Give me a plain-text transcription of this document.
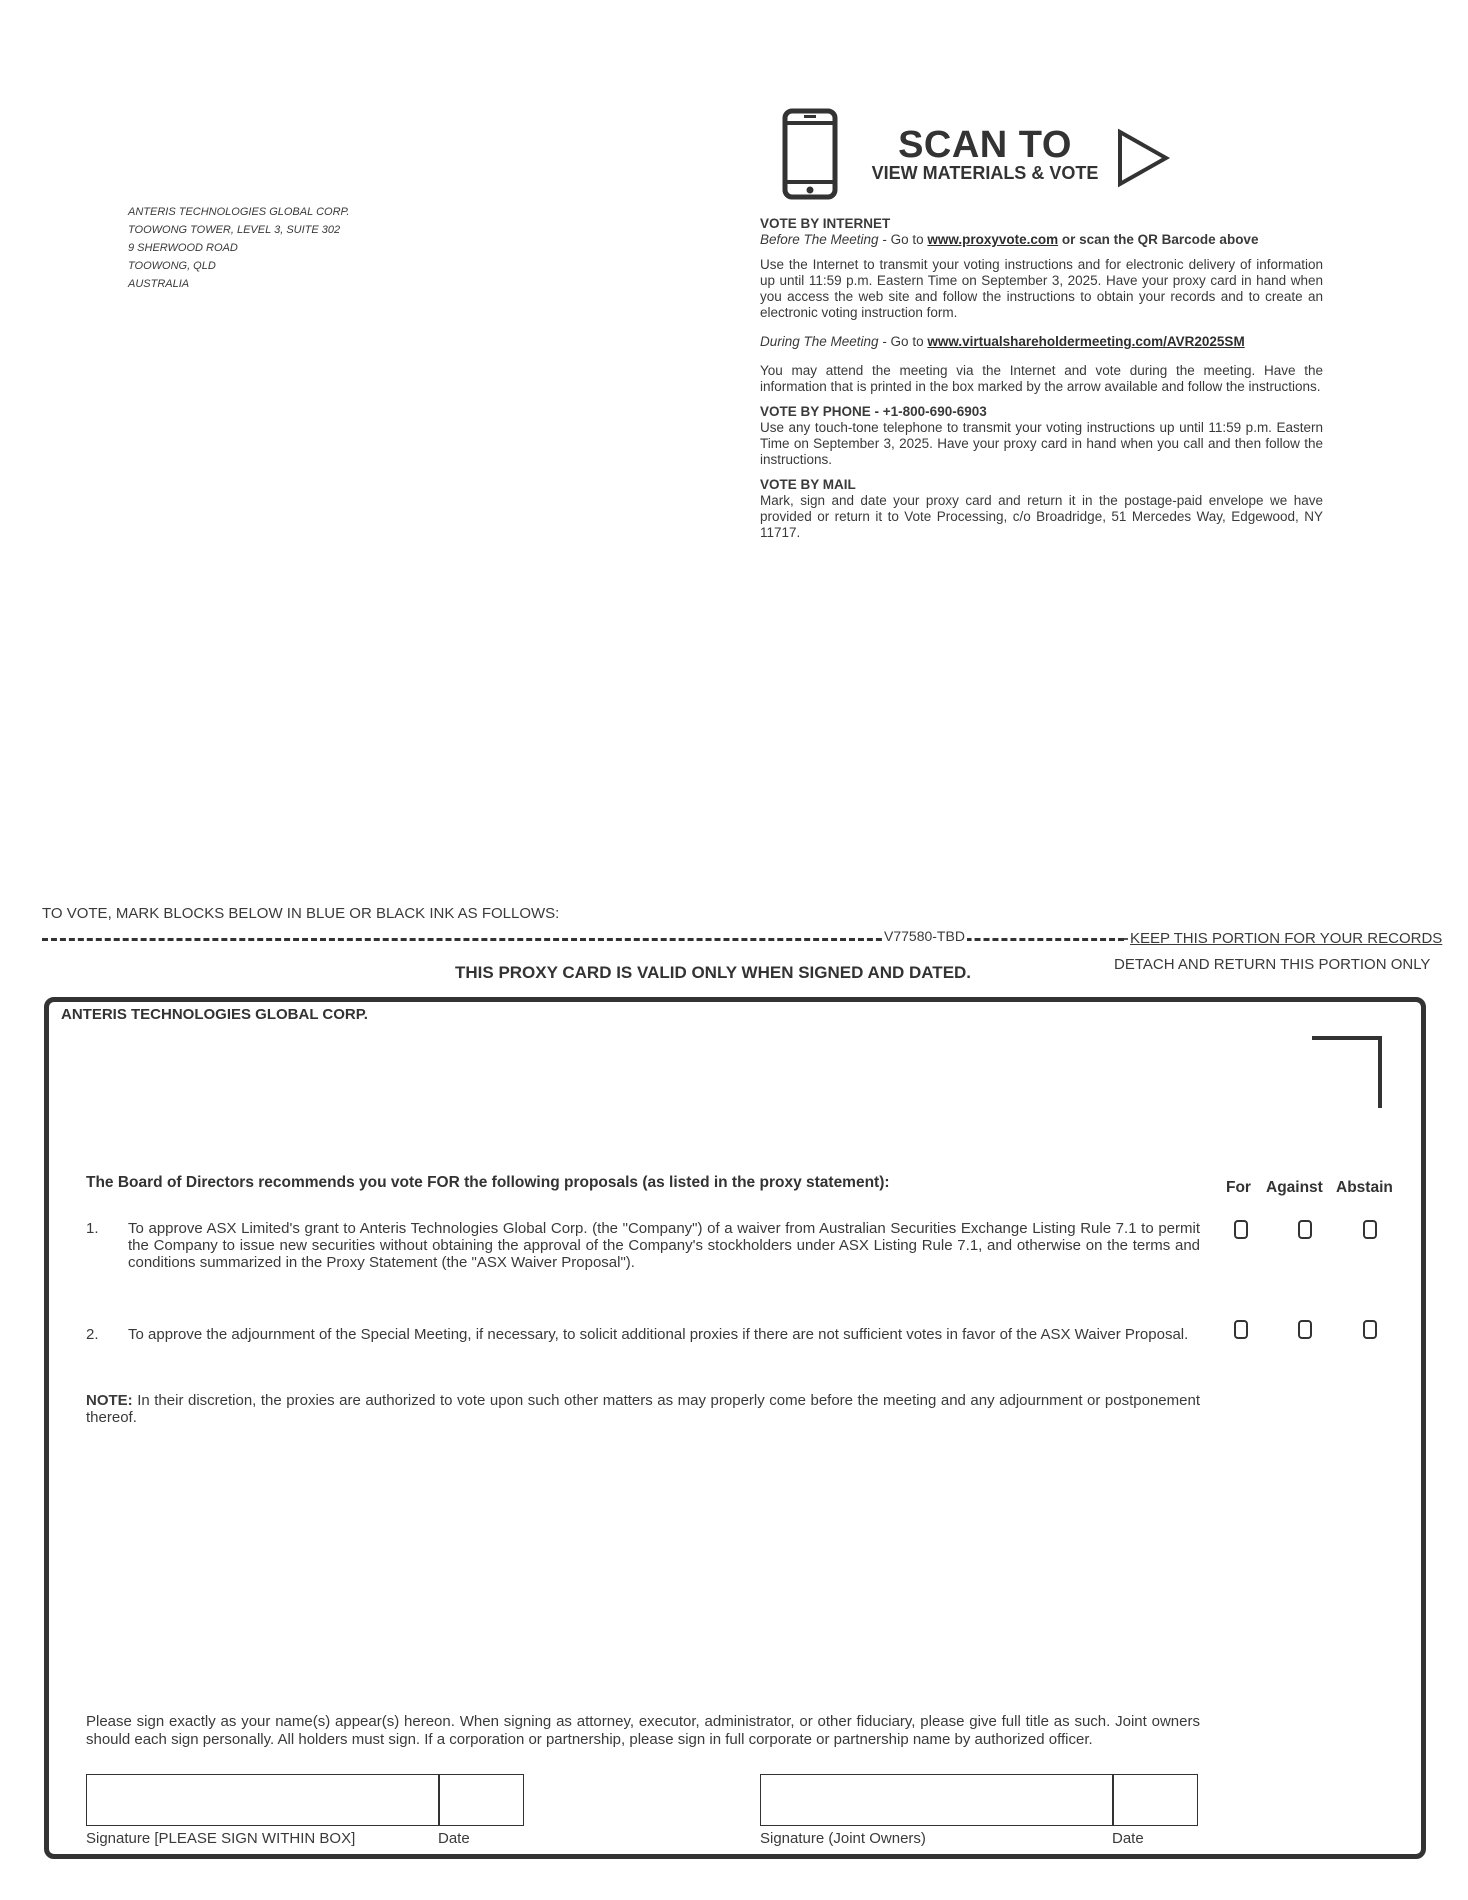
ANTERIS TECHNOLOGIES GLOBAL CORP.
TOOWONG TOWER, LEVEL 3, SUITE 302
9 SHERWOOD ROAD
TOOWONG, QLD
AUSTRALIA
SCAN TO
VIEW MATERIALS & VOTE
VOTE BY INTERNET
Before The Meeting - Go to www.proxyvote.com or scan the QR Barcode above

Use the Internet to transmit your voting instructions and for electronic delivery of information up until 11:59 p.m. Eastern Time on September 3, 2025. Have your proxy card in hand when you access the web site and follow the instructions to obtain your records and to create an electronic voting instruction form.

During The Meeting - Go to www.virtualshareholdermeeting.com/AVR2025SM

You may attend the meeting via the Internet and vote during the meeting. Have the information that is printed in the box marked by the arrow available and follow the instructions.

VOTE BY PHONE - +1-800-690-6903

Use any touch-tone telephone to transmit your voting instructions up until 11:59 p.m. Eastern Time on September 3, 2025. Have your proxy card in hand when you call and then follow the instructions.

VOTE BY MAIL

Mark, sign and date your proxy card and return it in the postage-paid envelope we have provided or return it to Vote Processing, c/o Broadridge, 51 Mercedes Way, Edgewood, NY 11717.

TO VOTE, MARK BLOCKS BELOW IN BLUE OR BLACK INK AS FOLLOWS:
V77580-TBD	KEEP THIS PORTION FOR YOUR RECORDS
DETACH AND RETURN THIS PORTION ONLY
THIS PROXY CARD IS VALID ONLY WHEN SIGNED AND DATED.
ANTERIS TECHNOLOGIES GLOBAL CORP.
The Board of Directors recommends you vote FOR the following proposals (as listed in the proxy statement):	For Against Abstain
1. To approve ASX Limited's grant to Anteris Technologies Global Corp. (the "Company") of a waiver from Australian Securities Exchange Listing Rule 7.1 to permit the Company to issue new securities without obtaining the approval of the Company's stockholders under ASX Listing Rule 7.1, and otherwise on the terms and conditions summarized in the Proxy Statement (the "ASX Waiver Proposal").
2. To approve the adjournment of the Special Meeting, if necessary, to solicit additional proxies if there are not sufficient votes in favor of the ASX Waiver Proposal.
NOTE: In their discretion, the proxies are authorized to vote upon such other matters as may properly come before the meeting and any adjournment or postponement thereof.
Please sign exactly as your name(s) appear(s) hereon. When signing as attorney, executor, administrator, or other fiduciary, please give full title as such. Joint owners should each sign personally. All holders must sign. If a corporation or partnership, please sign in full corporate or partnership name by authorized officer.
Signature [PLEASE SIGN WITHIN BOX]	Date	Signature (Joint Owners)	Date
